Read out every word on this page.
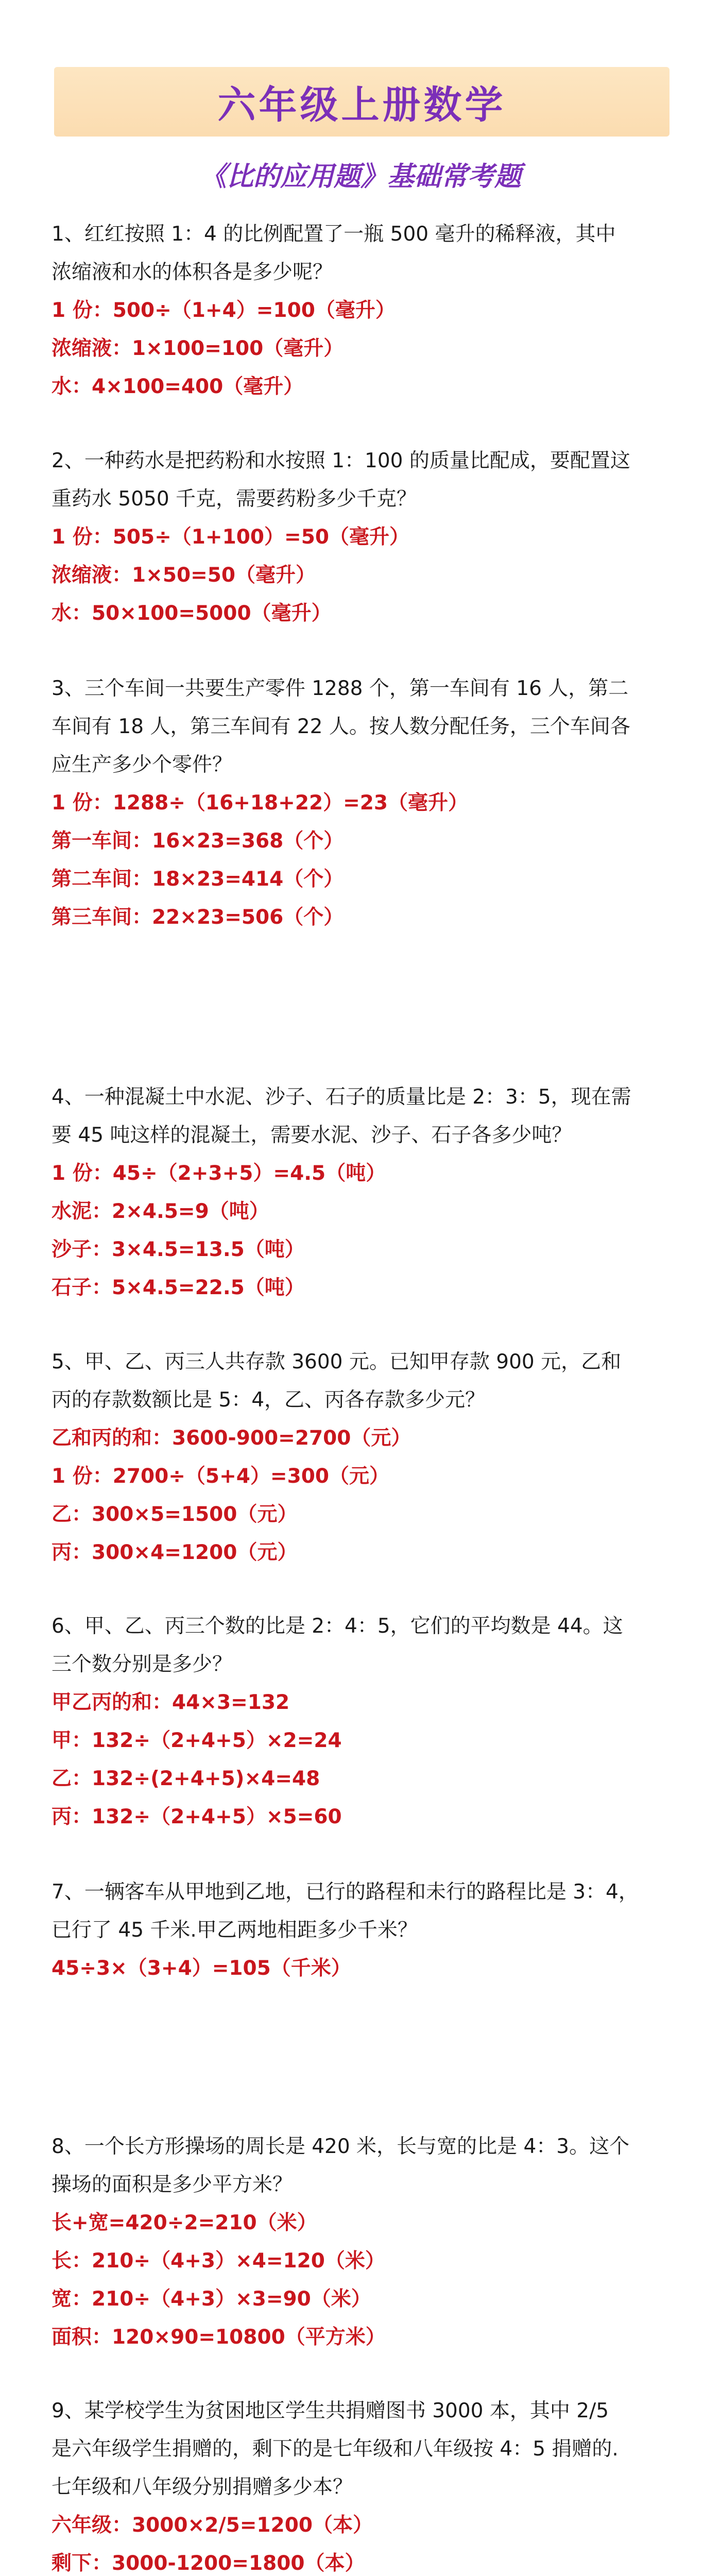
六年级上册数学
《比的应用题》基础常考题

1、红红按照 1：4 的比例配置了一瓶 500 毫升的稀释液，其中

浓缩液和水的体积各是多少呢？

1 份：500÷（1+4）=100（毫升）

浓缩液：1×100=100（毫升）

水：4×100=400（毫升）

2、一种药水是把药粉和水按照 1：100 的质量比配成，要配置这

重药水 5050 千克，需要药粉多少千克？

1 份：505÷（1+100）=50（毫升）

浓缩液：1×50=50（毫升）

水：50×100=5000（毫升）

3、三个车间一共要生产零件 1288 个，第一车间有 16 人，第二

车间有 18 人，第三车间有 22 人。按人数分配任务，三个车间各

应生产多少个零件？

1 份：1288÷（16+18+22）=23（毫升）

第一车间：16×23=368（个）

第二车间：18×23=414（个）

第三车间：22×23=506（个）

4、一种混凝土中水泥、沙子、石子的质量比是 2：3：5，现在需

要 45 吨这样的混凝土，需要水泥、沙子、石子各多少吨？

1 份：45÷（2+3+5）=4.5（吨）

水泥：2×4.5=9（吨）

沙子：3×4.5=13.5（吨）

石子：5×4.5=22.5（吨）

5、甲、乙、丙三人共存款 3600 元。已知甲存款 900 元，乙和

丙的存款数额比是 5：4，乙、丙各存款多少元？

乙和丙的和：3600-900=2700（元）

1 份：2700÷（5+4）=300（元）

乙：300×5=1500（元）

丙：300×4=1200（元）

6、甲、乙、丙三个数的比是 2：4：5，它们的平均数是 44。这

三个数分别是多少？

甲乙丙的和：44×3=132

甲：132÷（2+4+5）×2=24

乙：132÷(2+4+5)×4=48

丙：132÷（2+4+5）×5=60

7、一辆客车从甲地到乙地，已行的路程和未行的路程比是 3：4，

已行了 45 千米.甲乙两地相距多少千米？

45÷3×（3+4）=105（千米）

8、一个长方形操场的周长是 420 米，长与宽的比是 4：3。这个

操场的面积是多少平方米？

长+宽=420÷2=210（米）

长：210÷（4+3）×4=120（米）

宽：210÷（4+3）×3=90（米）

面积：120×90=10800（平方米）

9、某学校学生为贫困地区学生共捐赠图书 3000 本，其中 2/5

是六年级学生捐赠的，剩下的是七年级和八年级按 4：5 捐赠的.

七年级和八年级分别捐赠多少本？

六年级：3000×2/5=1200（本）

剩下：3000-1200=1800（本）
